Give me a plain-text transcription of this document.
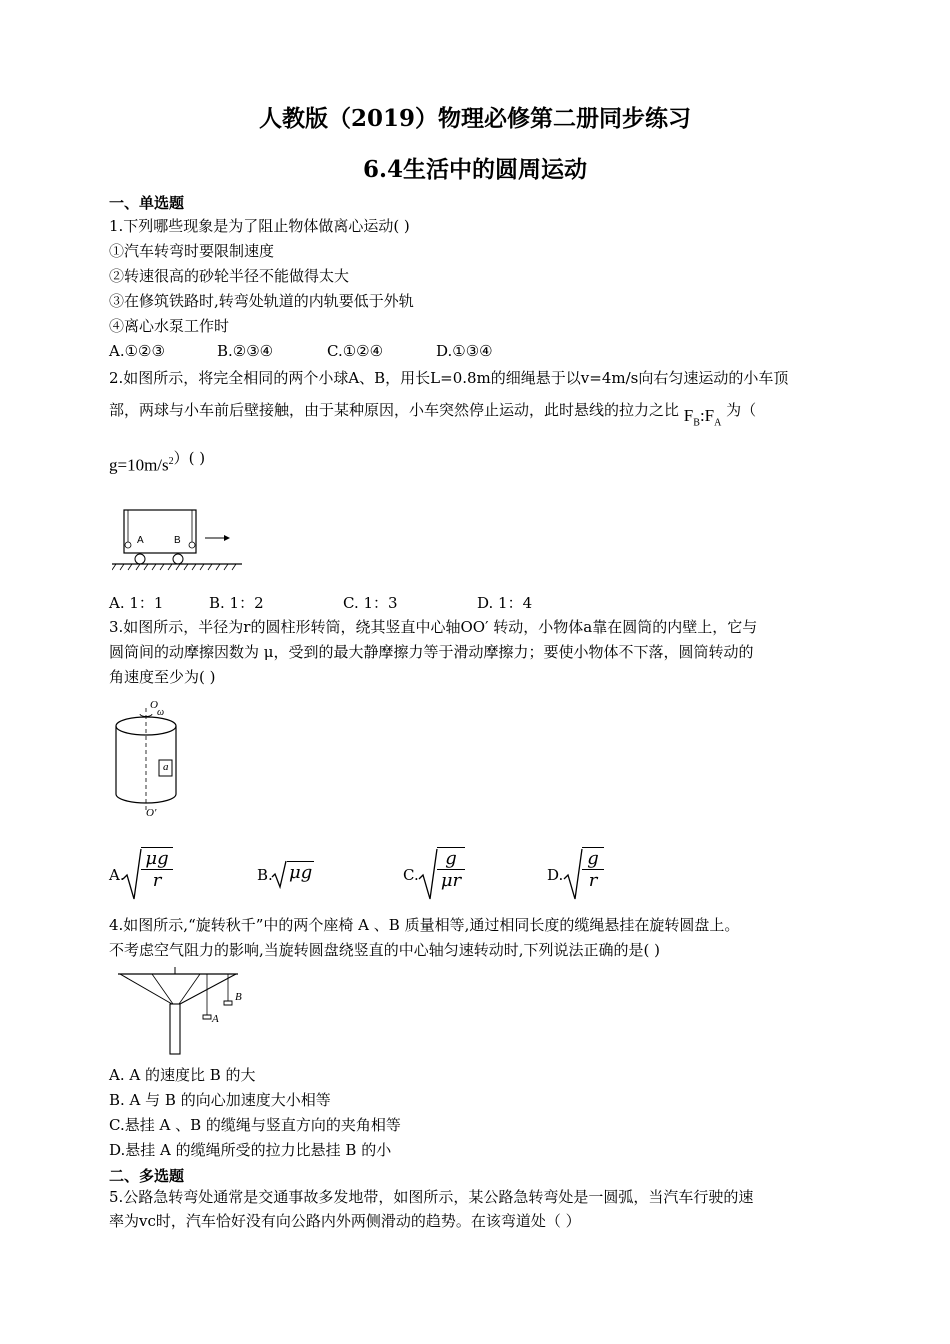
人教版（2019）物理必修第二册同步练习
6.4生活中的圆周运动
一、单选题
1.下列哪些现象是为了阻止物体做离心运动( )
①汽车转弯时要限制速度
②转速很高的砂轮半径不能做得太大
③在修筑铁路时,转弯处轨道的内轨要低于外轨
④离心水泵工作时
A.①②③	B.②③④	C.①②④	D.①③④
2.如图所示，将完全相同的两个小球A、B，用长L=0.8m的细绳悬于以v=4m/s向右匀速运动的小车顶
部，两球与小车前后壁接触，由于某种原因，小车突然停止运动，此时悬线的拉力之比 $F_B:F_A$ 为（
$g=10m/s^2$）( )
A	B
A. 1：1	B. 1：2	C. 1：3	D. 1：4
3.如图所示，半径为r的圆柱形转筒，绕其竖直中心轴OO′ 转动，小物体a靠在圆筒的内壁上，它与
圆筒间的动摩擦因数为 μ，受到的最大静摩擦力等于滑动摩擦力；要使小物体不下落，圆筒转动的
角速度至少为( )
O
ω
a
O′
A. $\frac{\mu g}{r}$	B. μg	C. $\frac{g}{\mu r}$	D. $\frac{g}{r}$
4.如图所示,“旋转秋千”中的两个座椅 A 、B 质量相等,通过相同长度的缆绳悬挂在旋转圆盘上。
不考虑空气阻力的影响,当旋转圆盘绕竖直的中心轴匀速转动时,下列说法正确的是( )
A
B
A. A 的速度比 B 的大
B. A 与 B 的向心加速度大小相等
C.悬挂 A 、B 的缆绳与竖直方向的夹角相等
D.悬挂 A 的缆绳所受的拉力比悬挂 B 的小
二、多选题
5.公路急转弯处通常是交通事故多发地带，如图所示，某公路急转弯处是一圆弧，当汽车行驶的速
率为vc时，汽车恰好没有向公路内外两侧滑动的趋势。在该弯道处（ ）
